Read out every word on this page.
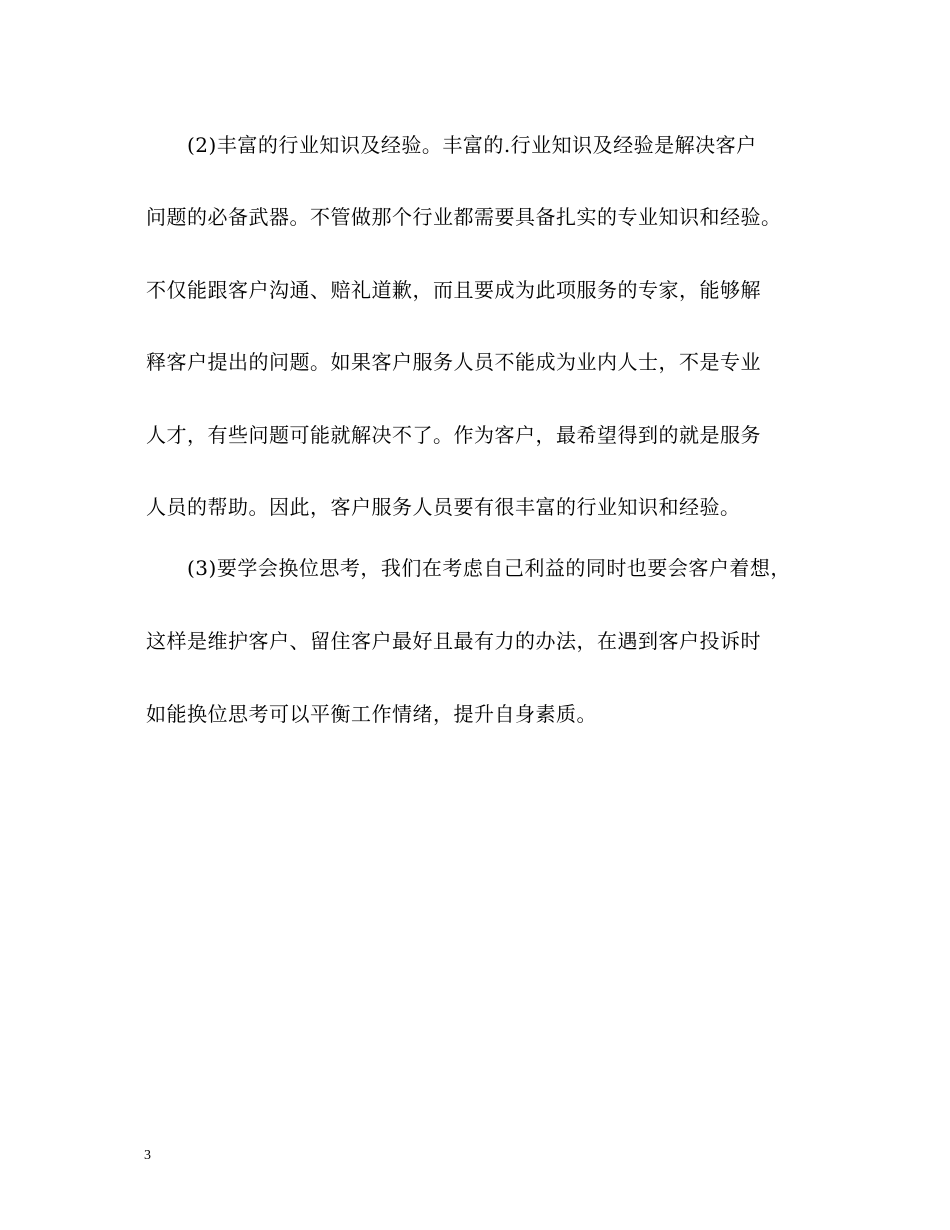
(2)丰富的行业知识及经验。丰富的.行业知识及经验是解决客户
问题的必备武器。不管做那个行业都需要具备扎实的专业知识和经验。
不仅能跟客户沟通、赔礼道歉，而且要成为此项服务的专家，能够解
释客户提出的问题。如果客户服务人员不能成为业内人士，不是专业
人才，有些问题可能就解决不了。作为客户，最希望得到的就是服务
人员的帮助。因此，客户服务人员要有很丰富的行业知识和经验。
(3)要学会换位思考，我们在考虑自己利益的同时也要会客户着想，
这样是维护客户、留住客户最好且最有力的办法，在遇到客户投诉时
如能换位思考可以平衡工作情绪，提升自身素质。
3
